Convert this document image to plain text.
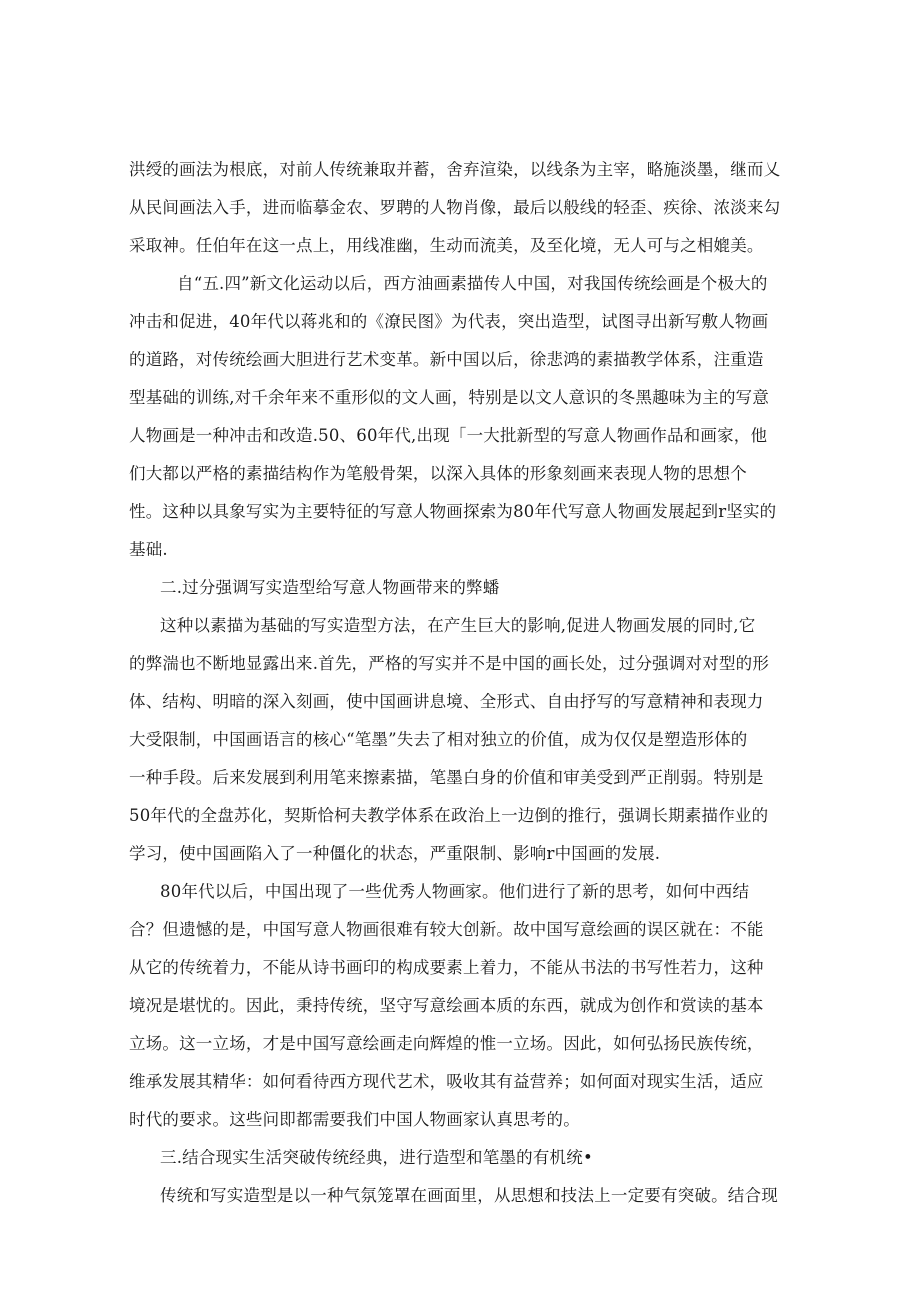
洪绶的画法为根底，对前人传统兼取并蓄，舍弃渲染，以线条为主宰，略施淡墨，继而乂
从民间画法入手，进而临摹金农、罗聘的人物肖像，最后以般线的轻歪、疾徐、浓淡来勾
采取神。任伯年在这一点上，用线准幽，生动而流美，及至化境，无人可与之相媲美。
自“五.四”新文化运动以后，西方油画素描传人中国，对我国传统绘画是个极大的
冲击和促进，40年代以蒋兆和的《潦民图》为代表，突出造型，试图寻出新写敷人物画
的道路，对传统绘画大胆进行艺术变革。新中国以后，徐悲鸿的素描教学体系，注重造
型基础的训练,对千余年来不重形似的文人画，特别是以文人意识的冬黑趣味为主的写意
人物画是一种冲击和改造.50、60年代,出现「一大批新型的写意人物画作品和画家，他
们大都以严格的素描结构作为笔般骨架，以深入具体的形象刻画来表现人物的思想个
性。这种以具象写实为主要特征的写意人物画探索为80年代写意人物画发展起到r坚实的
基础.
二.过分强调写实造型给写意人物画带来的弊蟠
这种以素描为基础的写实造型方法，在产生巨大的影响,促进人物画发展的同时,它
的弊湍也不断地显露出来.首先，严格的写实并不是中国的画长处，过分强调对对型的形
体、结构、明暗的深入刻画，使中国画讲息境、全形式、自由抒写的写意精神和表现力
大受限制，中国画语言的核心“笔墨”失去了相对独立的价值，成为仅仅是塑造形体的
一种手段。后来发展到利用笔来擦素描，笔墨白身的价值和审美受到严正削弱。特别是
50年代的全盘苏化，契斯恰柯夫教学体系在政治上一边倒的推行，强调长期素描作业的
学习，使中国画陷入了一种僵化的状态，严重限制、影响r中国画的发展.
80年代以后，中国出现了一些优秀人物画家。他们进行了新的思考，如何中西结
合？但遗憾的是，中国写意人物画很难有较大创新。故中国写意绘画的误区就在：不能
从它的传统着力，不能从诗书画印的构成要素上着力，不能从书法的书写性若力，这种
境况是堪忧的。因此，秉持传统，坚守写意绘画本质的东西，就成为创作和赏读的基本
立场。这一立场，才是中国写意绘画走向辉煌的惟一立场。因此，如何弘扬民族传统，
维承发展其精华：如何看待西方现代艺术，吸收其有益营养；如何面对现实生活，适应
时代的要求。这些问即都需要我们中国人物画家认真思考的。
三.结合现实生活突破传统经典，进行造型和笔墨的有机统•
传统和写实造型是以一种气氛笼罩在画面里，从思想和技法上一定要有突破。结合现
